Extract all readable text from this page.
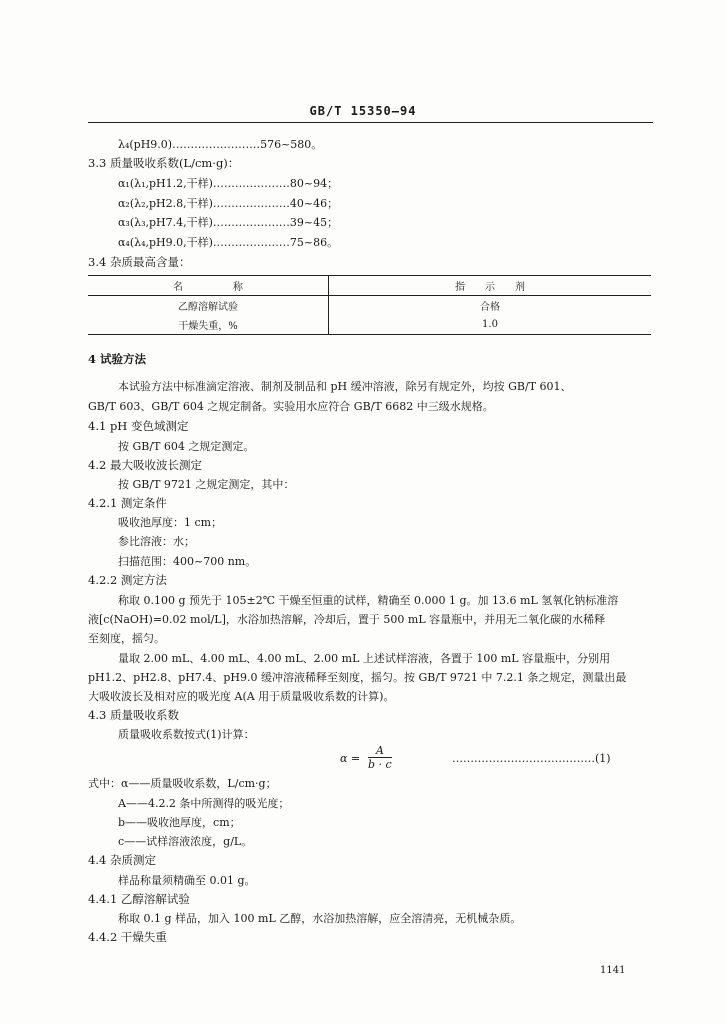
GB/T 15350—94
λ₄(pH9.0)……………………576~580。
3.3 质量吸收系数(L/cm·g)：
α₁(λ₁,pH1.2,干样)…………………80~94；
α₂(λ₂,pH2.8,干样)…………………40~46；
α₃(λ₃,pH7.4,干样)…………………39~45；
α₄(λ₄,pH9.0,干样)…………………75~86。
3.4 杂质最高含量：
名　　　　　称	指　　示　　剂
乙醇溶解试验	合格
干燥失重，%	1.0
4 试验方法
本试验方法中标准滴定溶液、制剂及制品和 pH 缓冲溶液，除另有规定外，均按 GB/T 601、
GB/T 603、GB/T 604 之规定制备。实验用水应符合 GB/T 6682 中三级水规格。
4.1 pH 变色域测定
按 GB/T 604 之规定测定。
4.2 最大吸收波长测定
按 GB/T 9721 之规定测定，其中：
4.2.1 测定条件
吸收池厚度：1 cm；
参比溶液：水；
扫描范围：400~700 nm。
4.2.2 测定方法
称取 0.100 g 预先于 105±2℃ 干燥至恒重的试样，精确至 0.000 1 g。加 13.6 mL 氢氧化钠标准溶
液[c(NaOH)=0.02 mol/L]，水浴加热溶解，冷却后，置于 500 mL 容量瓶中，并用无二氧化碳的水稀释
至刻度，摇匀。
量取 2.00 mL、4.00 mL、4.00 mL、2.00 mL 上述试样溶液，各置于 100 mL 容量瓶中，分别用
pH1.2、pH2.8、pH7.4、pH9.0 缓冲溶液稀释至刻度，摇匀。按 GB/T 9721 中 7.2.1 条之规定，测量出最
大吸收波长及相对应的吸光度 A(A 用于质量吸收系数的计算)。
4.3 质量吸收系数
质量吸收系数按式(1)计算：
$\alpha = \frac{A}{b \cdot c}$	…………………………………(1)
式中：α——质量吸收系数，L/cm·g；
A——4.2.2 条中所测得的吸光度；
b——吸收池厚度，cm；
c——试样溶液浓度，g/L。
4.4 杂质测定
样品称量须精确至 0.01 g。
4.4.1 乙醇溶解试验
称取 0.1 g 样品，加入 100 mL 乙醇，水浴加热溶解，应全溶清亮，无机械杂质。
4.4.2 干燥失重
1141
